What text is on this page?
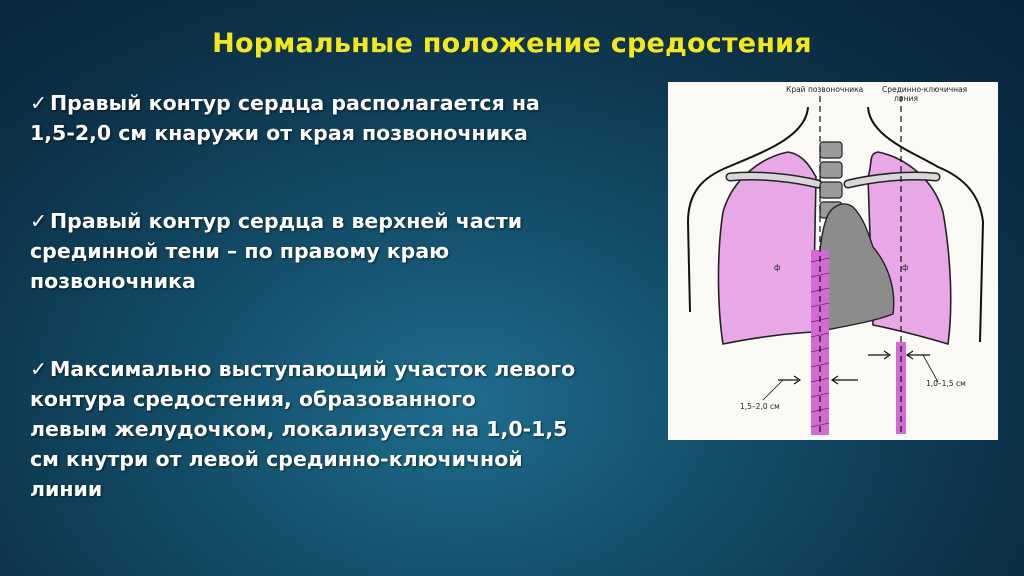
Нормальные положение средостения
✓ Правый контур сердца располагается на
1,5-2,0 см кнаружи от края позвоночника
✓ Правый контур сердца в верхней части
срединной тени – по правому краю
позвоночника
✓ Максимально выступающий участок левого
контура средостения, образованного
левым желудочком, локализуется на 1,0-1,5
см кнутри от левой срединно-ключичной
линии
Край позвоночника Срединно-ключичная
линия
1,5–2,0 см
1,0–1,5 см
ф	ф
